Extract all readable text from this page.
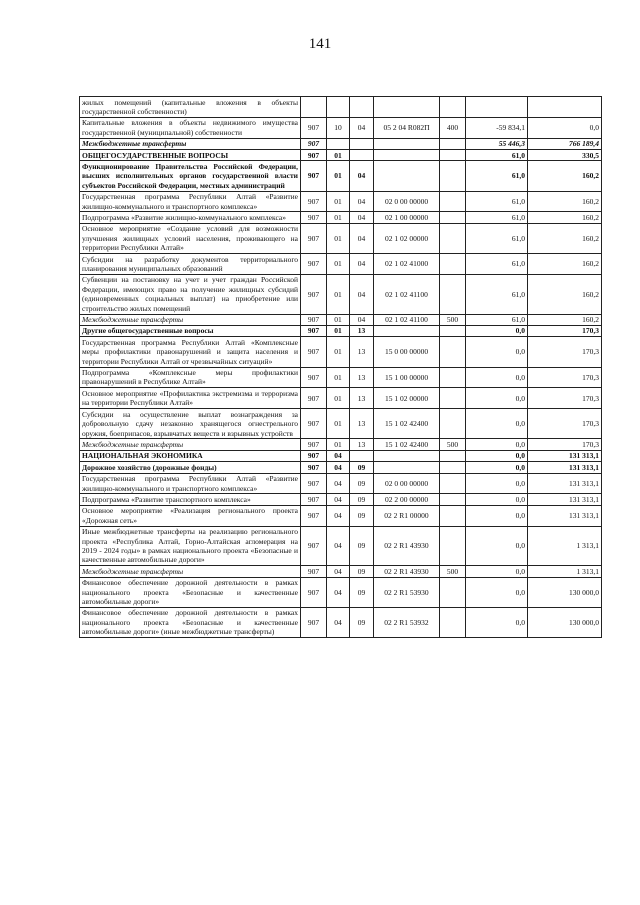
141
жилых помещений (капитальные вложения в объекты государственной собственности)							
Капитальные вложения в объекты недвижимого имущества государственной (муниципальной) собственности	907	10	04	05 2 04 R082П	400	-59 834,1	0,0
Межбюджетные трансферты	907					55 446,3	766 189,4
ОБЩЕГОСУДАРСТВЕННЫЕ ВОПРОСЫ	907	01				61,0	330,5
Функционирование Правительства Российской Федерации, высших исполнительных органов государственной власти субъектов Российской Федерации, местных администраций	907	01	04			61,0	160,2
Государственная программа Республики Алтай «Развитие жилищно-коммунального и транспортного комплекса»	907	01	04	02 0 00 00000		61,0	160,2
Подпрограмма «Развитие жилищно-коммунального комплекса»	907	01	04	02 1 00 00000		61,0	160,2
Основное мероприятие «Создание условий для возможности улучшения жилищных условий населения, проживающего на территории Республики Алтай»	907	01	04	02 1 02 00000		61,0	160,2
Субсидии на разработку документов территориального планирования муниципальных образований	907	01	04	02 1 02 41000		61,0	160,2
Субвенции на постановку на учет и учет граждан Российской Федерации, имеющих право на получение жилищных субсидий (единовременных социальных выплат) на приобретение или строительство жилых помещений	907	01	04	02 1 02 41100		61,0	160,2
Межбюджетные трансферты	907	01	04	02 1 02 41100	500	61,0	160,2
Другие общегосударственные вопросы	907	01	13			0,0	170,3
Государственная программа Республики Алтай «Комплексные меры профилактики правонарушений и защита населения и территории Республики Алтай от чрезвычайных ситуаций»	907	01	13	15 0 00 00000		0,0	170,3
Подпрограмма «Комплексные меры профилактики правонарушений в Республике Алтай»	907	01	13	15 1 00 00000		0,0	170,3
Основное мероприятие «Профилактика экстремизма и терроризма на территории Республики Алтай»	907	01	13	15 1 02 00000		0,0	170,3
Субсидии на осуществление выплат вознаграждения за добровольную сдачу незаконно хранящегося огнестрельного оружия, боеприпасов, взрывчатых веществ и взрывных устройств	907	01	13	15 1 02 42400		0,0	170,3
Межбюджетные трансферты	907	01	13	15 1 02 42400	500	0,0	170,3
НАЦИОНАЛЬНАЯ ЭКОНОМИКА	907	04				0,0	131 313,1
Дорожное хозяйство (дорожные фонды)	907	04	09			0,0	131 313,1
Государственная программа Республики Алтай «Развитие жилищно-коммунального и транспортного комплекса»	907	04	09	02 0 00 00000		0,0	131 313,1
Подпрограмма «Развитие транспортного комплекса»	907	04	09	02 2 00 00000		0,0	131 313,1
Основное мероприятие «Реализация регионального проекта «Дорожная сеть»	907	04	09	02 2 R1 00000		0,0	131 313,1
Иные межбюджетные трансферты на реализацию регионального проекта «Республика Алтай, Горно-Алтайская агломерация на 2019 - 2024 годы» в рамках национального проекта «Безопасные и качественные автомобильные дороги»	907	04	09	02 2 R1 43930		0,0	1 313,1
Межбюджетные трансферты	907	04	09	02 2 R1 43930	500	0,0	1 313,1
Финансовое обеспечение дорожной деятельности в рамках национального проекта «Безопасные и качественные автомобильные дороги»	907	04	09	02 2 R1 53930		0,0	130 000,0
Финансовое обеспечение дорожной деятельности в рамках национального проекта «Безопасные и качественные автомобильные дороги» (иные межбюджетные трансферты)	907	04	09	02 2 R1 53932		0,0	130 000,0
